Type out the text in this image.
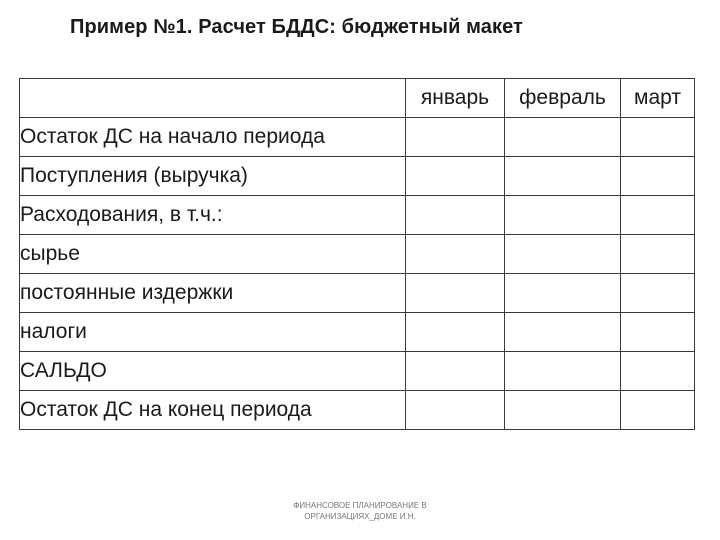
Пример №1. Расчет БДДС: бюджетный макет
	январь	февраль	март
Остаток ДС на начало периода			
Поступления (выручка)			
Расходования, в т.ч.:			
сырье			
постоянные издержки			
налоги			
САЛЬДО			
Остаток ДС на конец периода			
ФИНАНСОВОЕ ПЛАНИРОВАНИЕ В
ОРГАНИЗАЦИЯХ_ДОМЕ И.Н.
